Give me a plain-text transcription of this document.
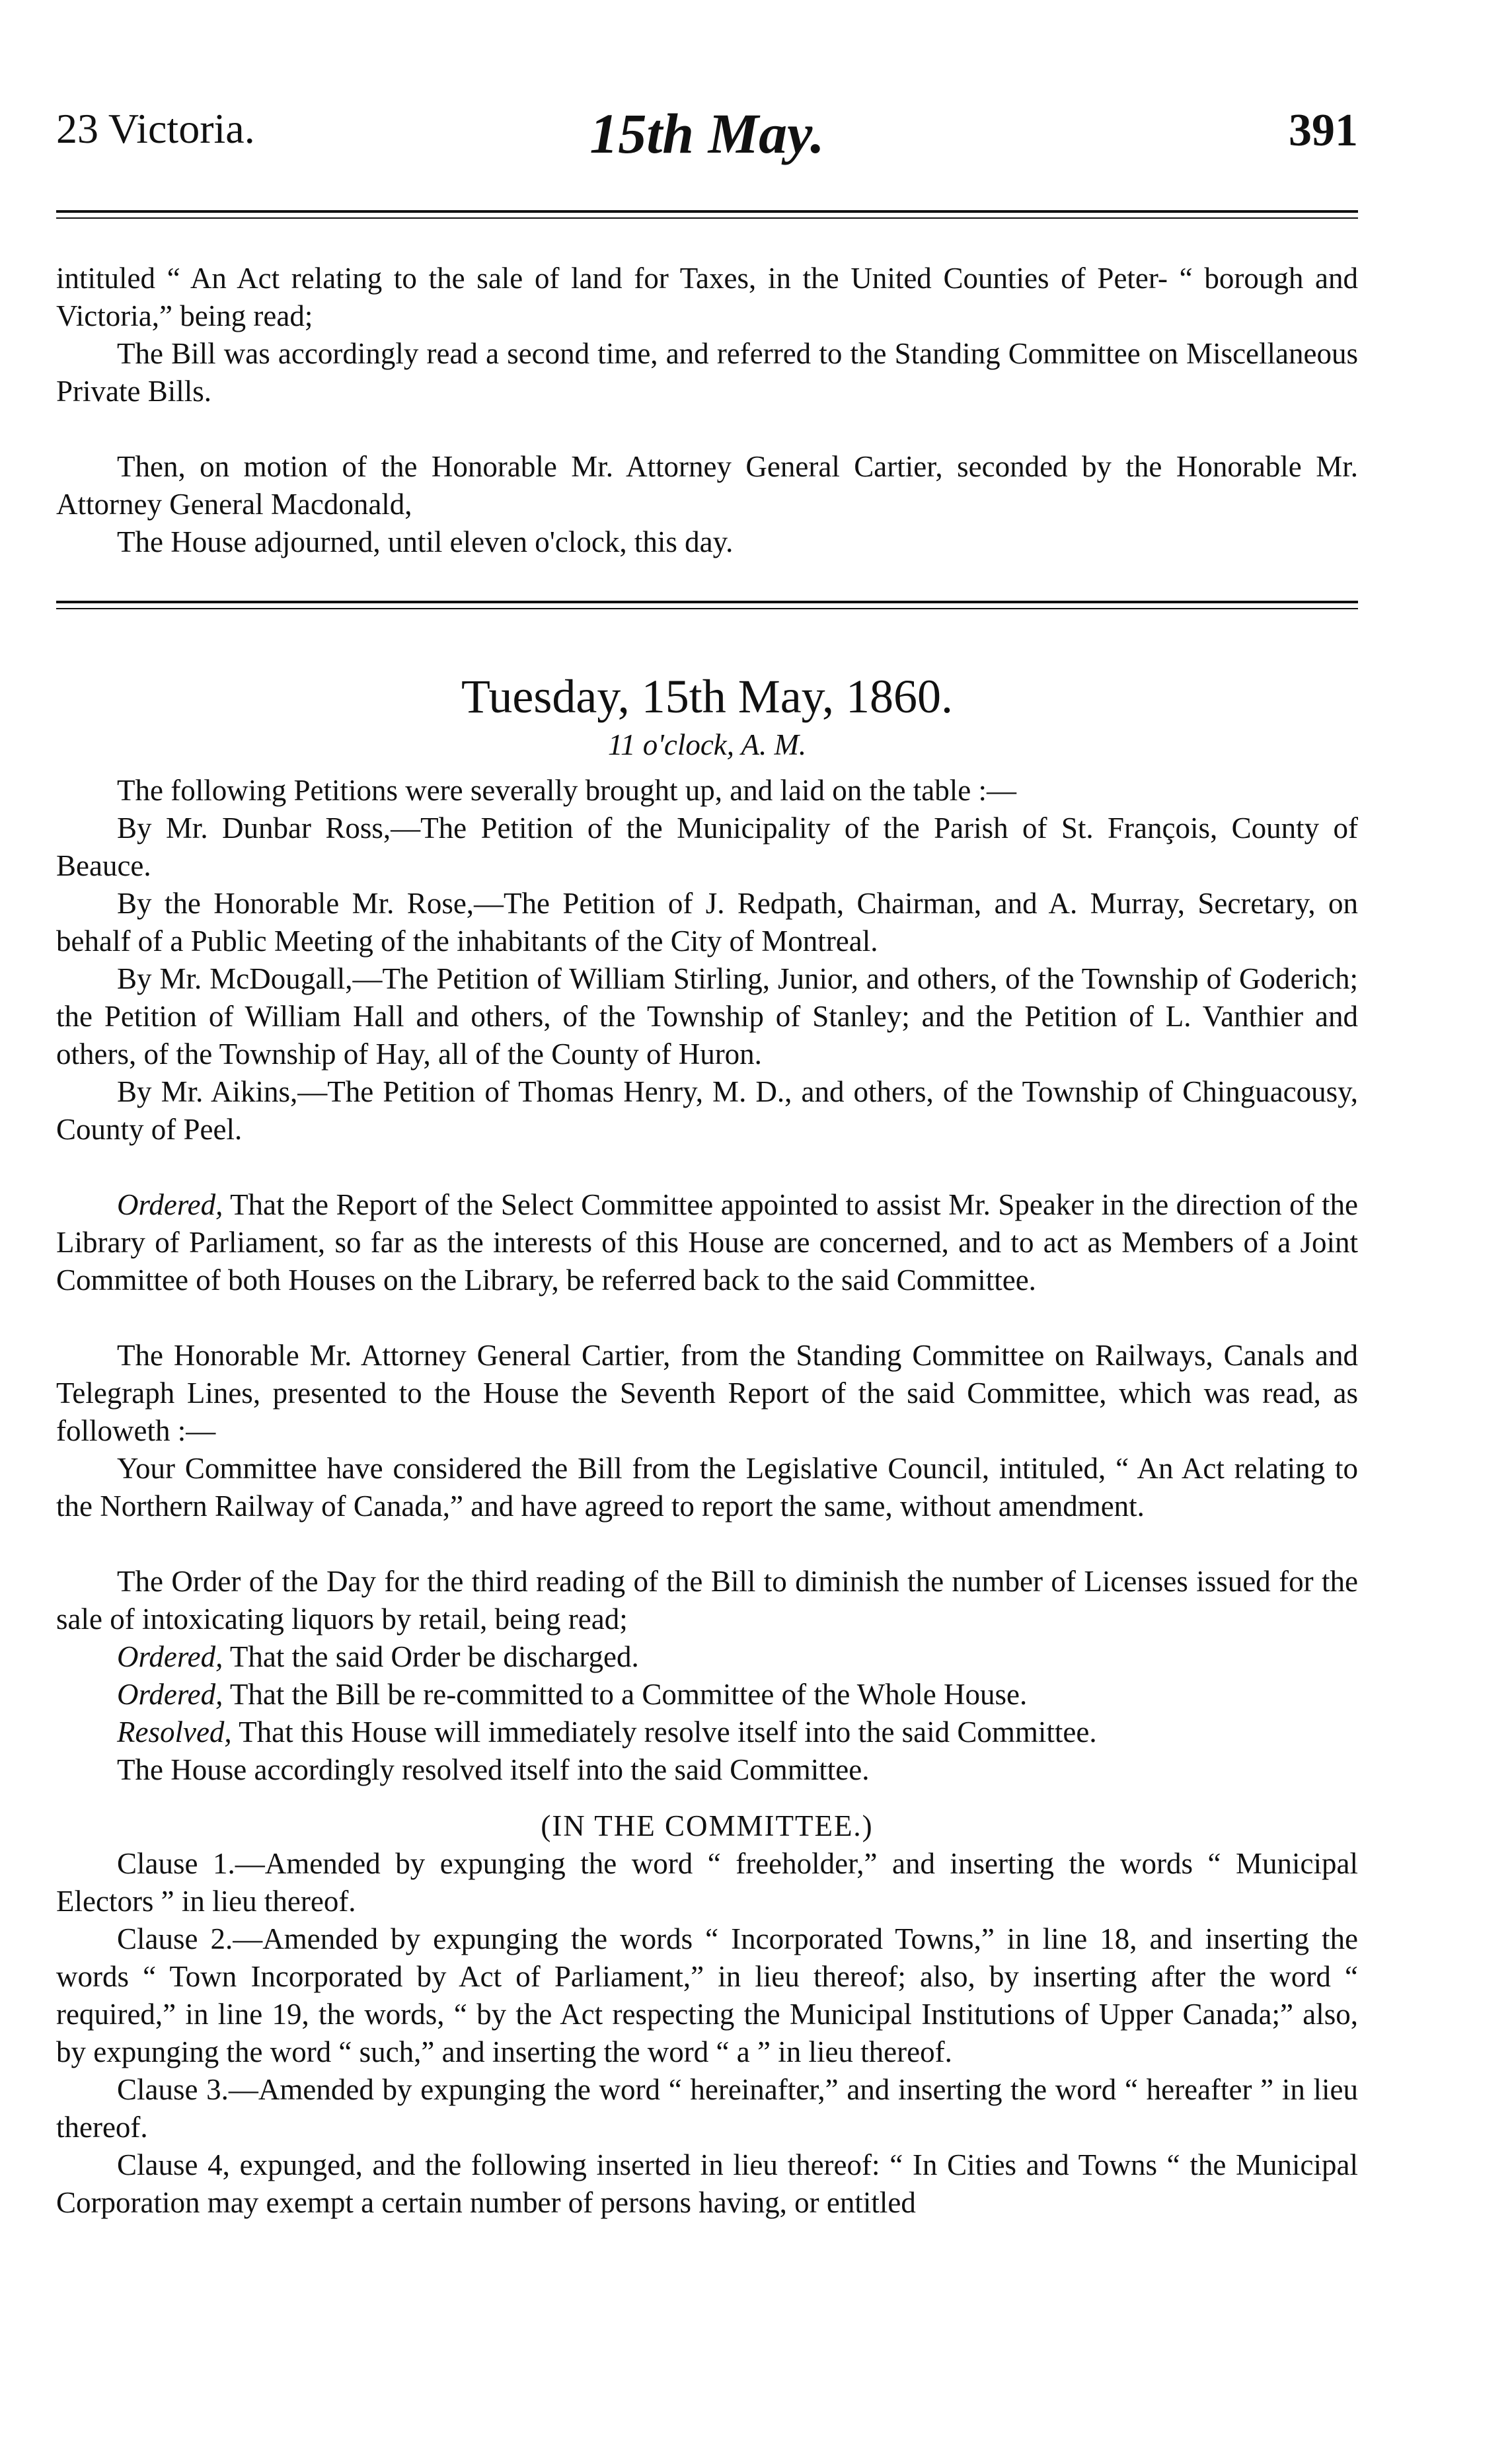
23 Victoria.	15th May.	391

intituled “ An Act relating to the sale of land for Taxes, in the United Counties of Peter- “ borough and Victoria,” being read;

The Bill was accordingly read a second time, and referred to the Standing Committee on Miscellaneous Private Bills.

Then, on motion of the Honorable Mr. Attorney General Cartier, seconded by the Honorable Mr. Attorney General Macdonald,

The House adjourned, until eleven o'clock, this day.

Tuesday, 15th May, 1860.
11 o'clock, A. M.

The following Petitions were severally brought up, and laid on the table :—

By Mr. Dunbar Ross,—The Petition of the Municipality of the Parish of St. François, County of Beauce.

By the Honorable Mr. Rose,—The Petition of J. Redpath, Chairman, and A. Murray, Secretary, on behalf of a Public Meeting of the inhabitants of the City of Montreal.

By Mr. McDougall,—The Petition of William Stirling, Junior, and others, of the Township of Goderich; the Petition of William Hall and others, of the Township of Stanley; and the Petition of L. Vanthier and others, of the Township of Hay, all of the County of Huron.

By Mr. Aikins,—The Petition of Thomas Henry, M. D., and others, of the Township of Chinguacousy, County of Peel.

Ordered, That the Report of the Select Committee appointed to assist Mr. Speaker in the direction of the Library of Parliament, so far as the interests of this House are concerned, and to act as Members of a Joint Committee of both Houses on the Library, be referred back to the said Committee.

The Honorable Mr. Attorney General Cartier, from the Standing Committee on Railways, Canals and Telegraph Lines, presented to the House the Seventh Report of the said Committee, which was read, as followeth :—

Your Committee have considered the Bill from the Legislative Council, intituled, “ An Act relating to the Northern Railway of Canada,” and have agreed to report the same, without amendment.

The Order of the Day for the third reading of the Bill to diminish the number of Licenses issued for the sale of intoxicating liquors by retail, being read;

Ordered, That the said Order be discharged.

Ordered, That the Bill be re-committed to a Committee of the Whole House.

Resolved, That this House will immediately resolve itself into the said Committee.

The House accordingly resolved itself into the said Committee.

(IN THE COMMITTEE.)

Clause 1.—Amended by expunging the word “ freeholder,” and inserting the words “ Municipal Electors ” in lieu thereof.

Clause 2.—Amended by expunging the words “ Incorporated Towns,” in line 18, and inserting the words “ Town Incorporated by Act of Parliament,” in lieu thereof; also, by inserting after the word “ required,” in line 19, the words, “ by the Act respecting the Municipal Institutions of Upper Canada;” also, by expunging the word “ such,” and inserting the word “ a ” in lieu thereof.

Clause 3.—Amended by expunging the word “ hereinafter,” and inserting the word “ hereafter ” in lieu thereof.

Clause 4, expunged, and the following inserted in lieu thereof: “ In Cities and Towns “ the Municipal Corporation may exempt a certain number of persons having, or entitled
